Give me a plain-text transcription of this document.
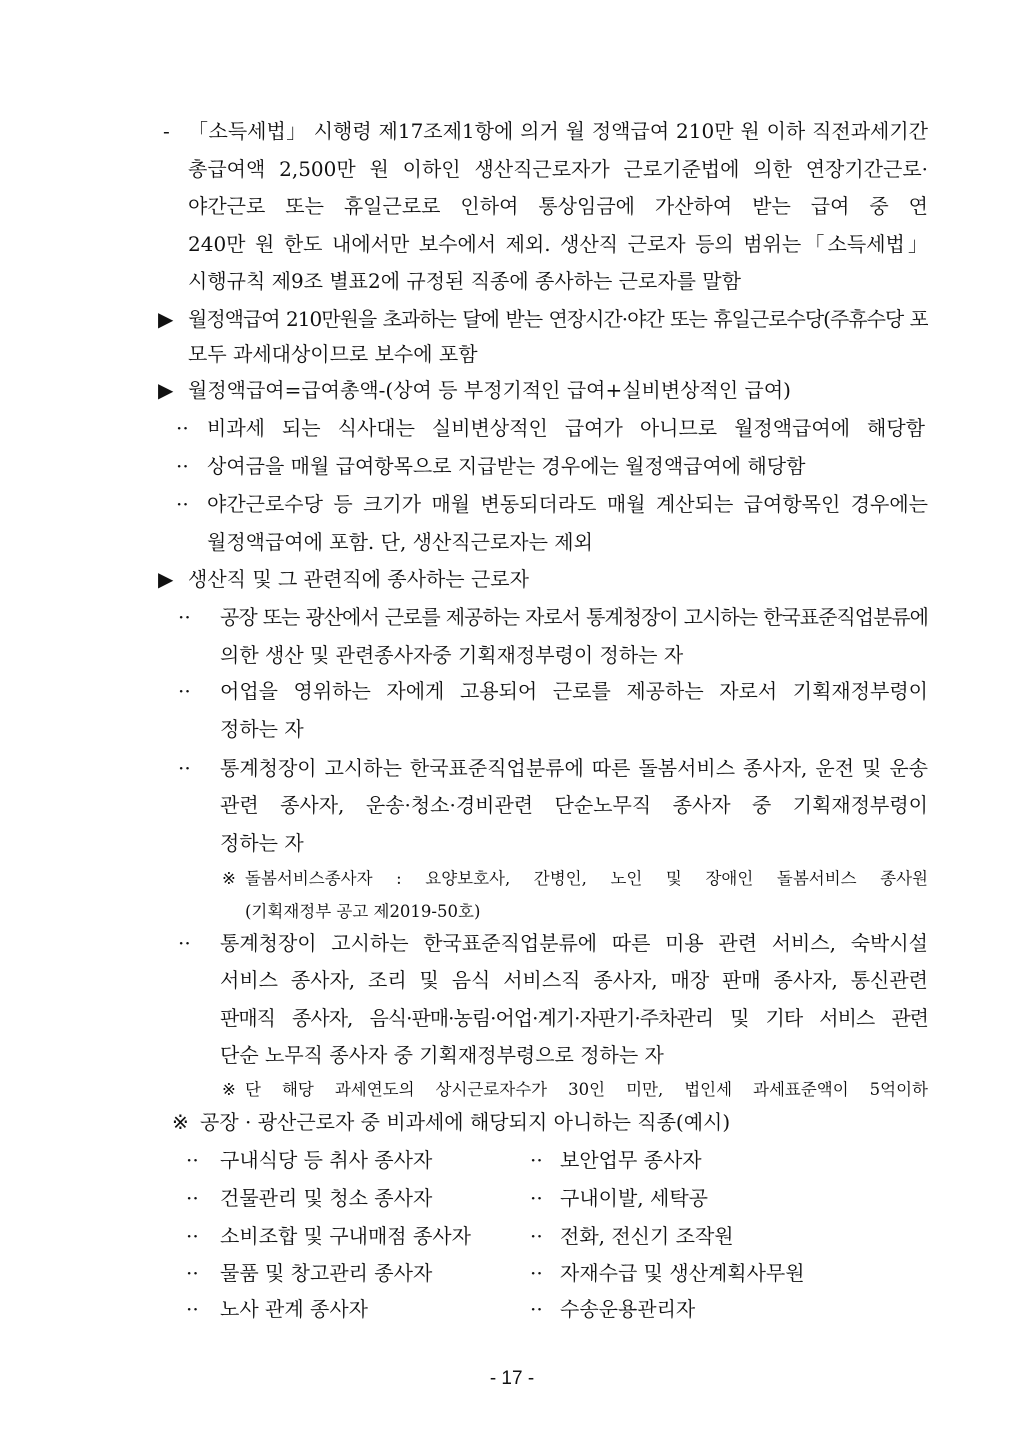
-
▶
▶
··
··
··
▶
··
··
··
※
··
※
※
「소득세법」 시행령 제17조제1항에 의거 월 정액급여 210만 원 이하 직전과세기간
총급여액 2,500만 원 이하인 생산직근로자가 근로기준법에 의한 연장기간근로·
야간근로 또는 휴일근로로 인하여 통상임금에 가산하여 받는 급여 중 연
240만 원 한도 내에서만 보수에서 제외. 생산직 근로자 등의 범위는「소득세법」
시행규칙 제9조 별표2에 규정된 직종에 종사하는 근로자를 말함
월정액급여 210만원을 초과하는 달에 받는 연장시간·야간 또는 휴일근로수당(주휴수당 포
모두 과세대상이므로 보수에 포함
월정액급여=급여총액-(상여 등 부정기적인 급여+실비변상적인 급여)
비과세 되는 식사대는 실비변상적인 급여가 아니므로 월정액급여에 해당함
상여금을 매월 급여항목으로 지급받는 경우에는 월정액급여에 해당함
야간근로수당 등 크기가 매월 변동되더라도 매월 계산되는 급여항목인 경우에는
월정액급여에 포함. 단, 생산직근로자는 제외
생산직 및 그 관련직에 종사하는 근로자
공장 또는 광산에서 근로를 제공하는 자로서 통계청장이 고시하는 한국표준직업분류에
의한 생산 및 관련종사자중 기획재정부령이 정하는 자
어업을 영위하는 자에게 고용되어 근로를 제공하는 자로서 기획재정부령이
정하는 자
통계청장이 고시하는 한국표준직업분류에 따른 돌봄서비스 종사자, 운전 및 운송
관련 종사자, 운송·청소·경비관련 단순노무직 종사자 중 기획재정부령이
정하는 자
돌봄서비스종사자 : 요양보호사, 간병인, 노인 및 장애인 돌봄서비스 종사원
(기획재정부 공고 제2019-50호)
통계청장이 고시하는 한국표준직업분류에 따른 미용 관련 서비스, 숙박시설
서비스 종사자, 조리 및 음식 서비스직 종사자, 매장 판매 종사자, 통신관련
판매직 종사자, 음식·판매·농림·어업·계기·자판기·주차관리 및 기타 서비스 관련
단순 노무직 종사자 중 기획재정부령으로 정하는 자
단 해당 과세연도의 상시근로자수가 30인 미만, 법인세 과세표준액이 5억이하
공장 · 광산근로자 중 비과세에 해당되지 아니하는 직종(예시)
·· 구내식당 등 취사 종사자
·· 건물관리 및 청소 종사자
·· 소비조합 및 구내매점 종사자
·· 물품 및 창고관리 종사자
·· 노사 관계 종사자
·· 보안업무 종사자
·· 구내이발, 세탁공
·· 전화, 전신기 조작원
·· 자재수급 및 생산계획사무원
·· 수송운용관리자
- 17 -
